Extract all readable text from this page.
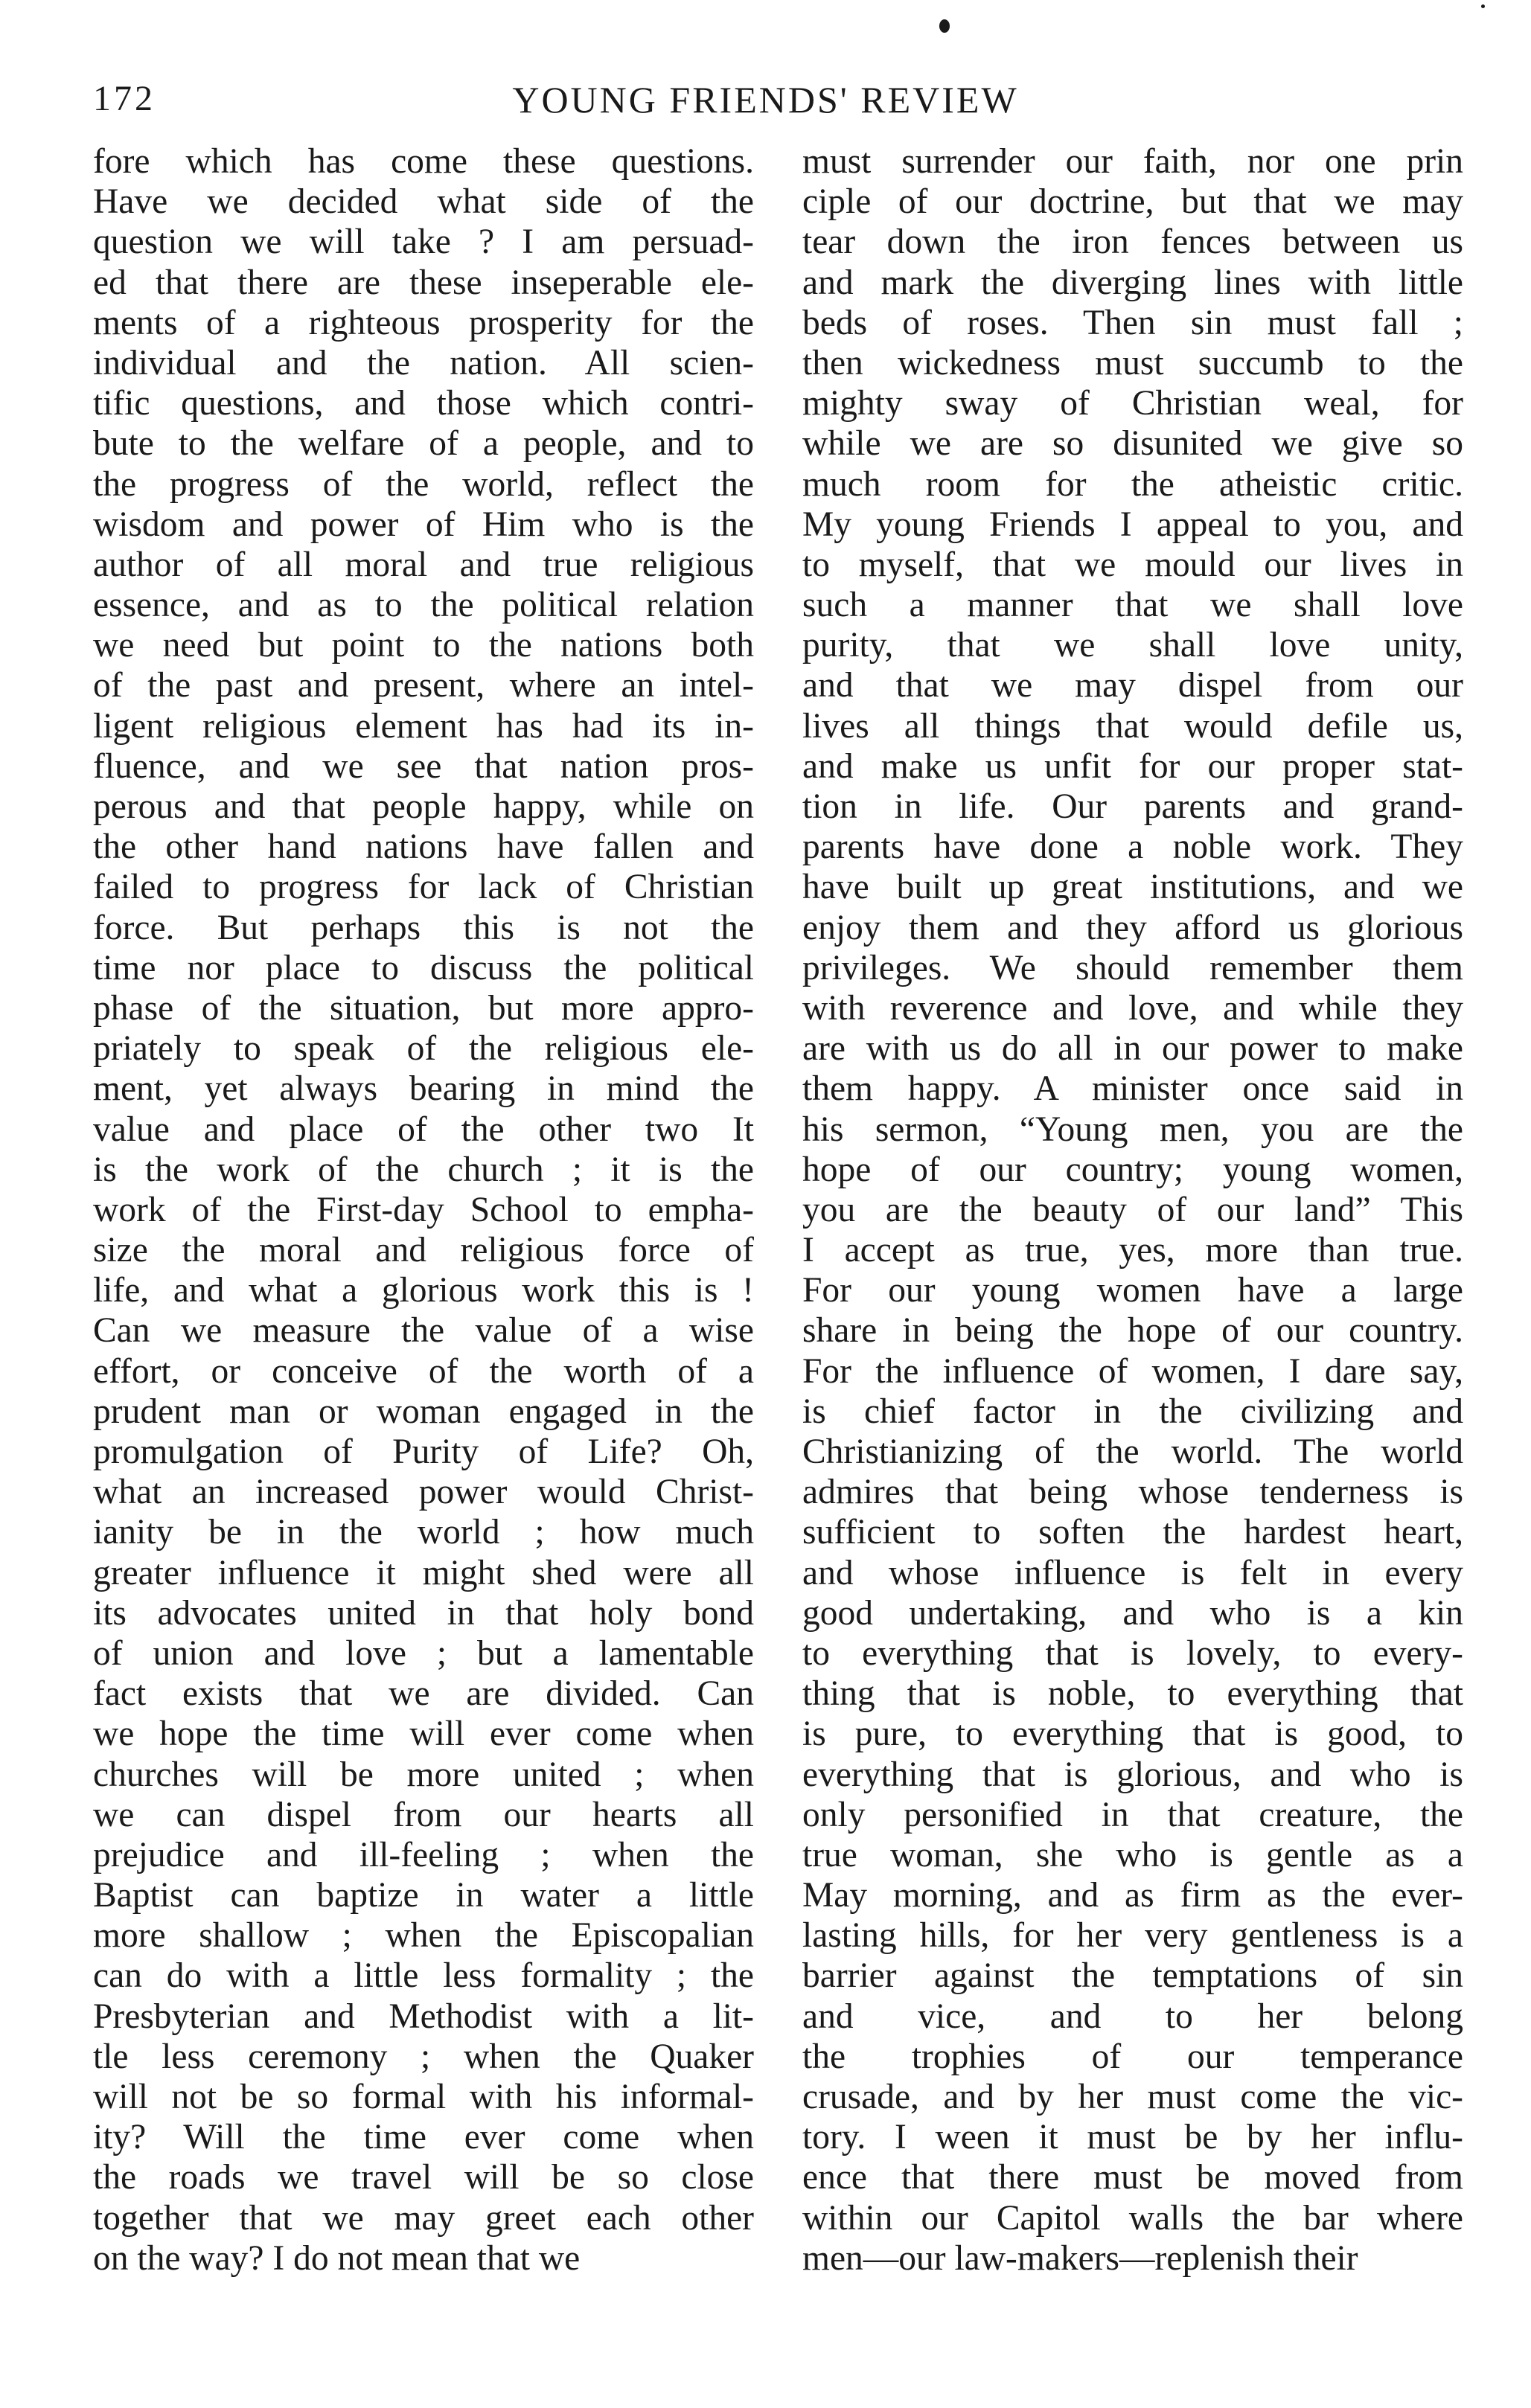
172	YOUNG FRIENDS' REVIEW
fore which has come these questions.
Have we decided what side of the
question we will take ? I am persuad-
ed that there are these inseperable ele-
ments of a righteous prosperity for the
individual and the nation. All scien-
tific questions, and those which contri-
bute to the welfare of a people, and to
the progress of the world, reflect the
wisdom and power of Him who is the
author of all moral and true religious
essence, and as to the political relation
we need but point to the nations both
of the past and present, where an intel-
ligent religious element has had its in-
fluence, and we see that nation pros-
perous and that people happy, while on
the other hand nations have fallen and
failed to progress for lack of Christian
force. But perhaps this is not the
time nor place to discuss the political
phase of the situation, but more appro-
priately to speak of the religious ele-
ment, yet always bearing in mind the
value and place of the other two It
is the work of the church ; it is the
work of the First-day School to empha-
size the moral and religious force of
life, and what a glorious work this is !
Can we measure the value of a wise
effort, or conceive of the worth of a
prudent man or woman engaged in the
promulgation of Purity of Life? Oh,
what an increased power would Christ-
ianity be in the world ; how much
greater influence it might shed were all
its advocates united in that holy bond
of union and love ; but a lamentable
fact exists that we are divided. Can
we hope the time will ever come when
churches will be more united ; when
we can dispel from our hearts all
prejudice and ill-feeling ; when the
Baptist can baptize in water a little
more shallow ; when the Episcopalian
can do with a little less formality ; the
Presbyterian and Methodist with a lit-
tle less ceremony ; when the Quaker
will not be so formal with his informal-
ity? Will the time ever come when
the roads we travel will be so close
together that we may greet each other
on the way? I do not mean that we
must surrender our faith, nor one prin
ciple of our doctrine, but that we may
tear down the iron fences between us
and mark the diverging lines with little
beds of roses. Then sin must fall ;
then wickedness must succumb to the
mighty sway of Christian weal, for
while we are so disunited we give so
much room for the atheistic critic.
My young Friends I appeal to you, and
to myself, that we mould our lives in
such a manner that we shall love
purity, that we shall love unity,
and that we may dispel from our
lives all things that would defile us,
and make us unfit for our proper stat-
tion in life. Our parents and grand-
parents have done a noble work. They
have built up great institutions, and we
enjoy them and they afford us glorious
privileges. We should remember them
with reverence and love, and while they
are with us do all in our power to make
them happy. A minister once said in
his sermon, “Young men, you are the
hope of our country; young women,
you are the beauty of our land” This
I accept as true, yes, more than true.
For our young women have a large
share in being the hope of our country.
For the influence of women, I dare say,
is chief factor in the civilizing and
Christianizing of the world. The world
admires that being whose tenderness is
sufficient to soften the hardest heart,
and whose influence is felt in every
good undertaking, and who is a kin
to everything that is lovely, to every-
thing that is noble, to everything that
is pure, to everything that is good, to
everything that is glorious, and who is
only personified in that creature, the
true woman, she who is gentle as a
May morning, and as firm as the ever-
lasting hills, for her very gentleness is a
barrier against the temptations of sin
and vice, and to her belong
the trophies of our temperance
crusade, and by her must come the vic-
tory. I ween it must be by her influ-
ence that there must be moved from
within our Capitol walls the bar where
men—our law-makers—replenish their
